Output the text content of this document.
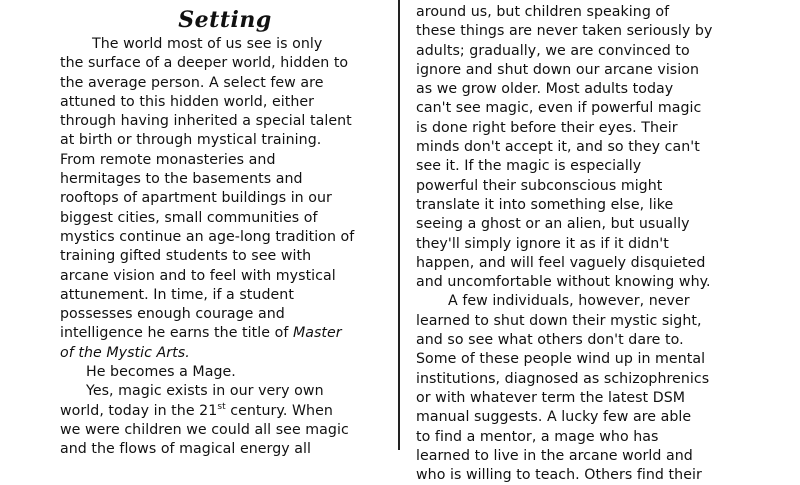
Setting
The world most of us see is only
the surface of a deeper world, hidden to
the average person. A select few are
attuned to this hidden world, either
through having inherited a special talent
at birth or through mystical training.
From remote monasteries and
hermitages to the basements and
rooftops of apartment buildings in our
biggest cities, small communities of
mystics continue an age-long tradition of
training gifted students to see with
arcane vision and to feel with mystical
attunement. In time, if a student
possesses enough courage and
intelligence he earns the title of Master
of the Mystic Arts.
He becomes a Mage.
Yes, magic exists in our very own
world, today in the 21st century. When
we were children we could all see magic
and the flows of magical energy all
around us, but children speaking of
these things are never taken seriously by
adults; gradually, we are convinced to
ignore and shut down our arcane vision
as we grow older. Most adults today
can't see magic, even if powerful magic
is done right before their eyes. Their
minds don't accept it, and so they can't
see it. If the magic is especially
powerful their subconscious might
translate it into something else, like
seeing a ghost or an alien, but usually
they'll simply ignore it as if it didn't
happen, and will feel vaguely disquieted
and uncomfortable without knowing why.
A few individuals, however, never
learned to shut down their mystic sight,
and so see what others don't dare to.
Some of these people wind up in mental
institutions, diagnosed as schizophrenics
or with whatever term the latest DSM
manual suggests. A lucky few are able
to find a mentor, a mage who has
learned to live in the arcane world and
who is willing to teach. Others find their
